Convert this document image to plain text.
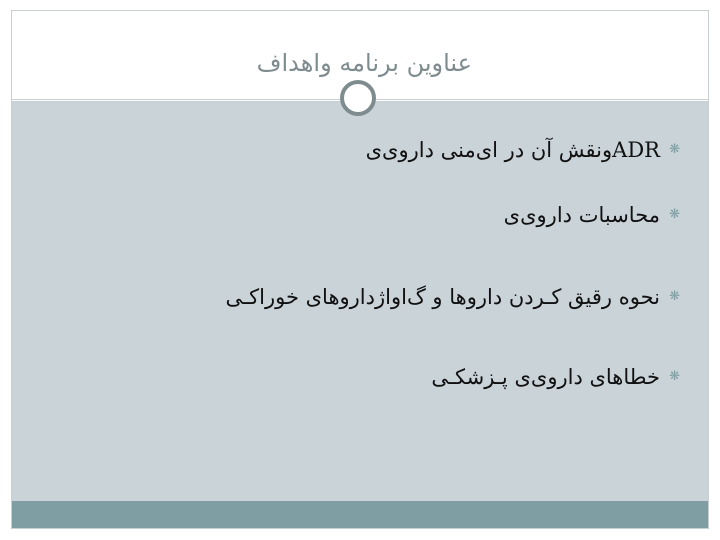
عناوین برنامه واهداف
❋
ADRونقش آن در ای‌منی داروی‌ی
❋
محاسبات داروی‌ی
❋
نحوه رقیق کـردن داروها و گ‌اواژداروهای خوراکـی
❋
خطاهای داروی‌ی پـزشکـی
